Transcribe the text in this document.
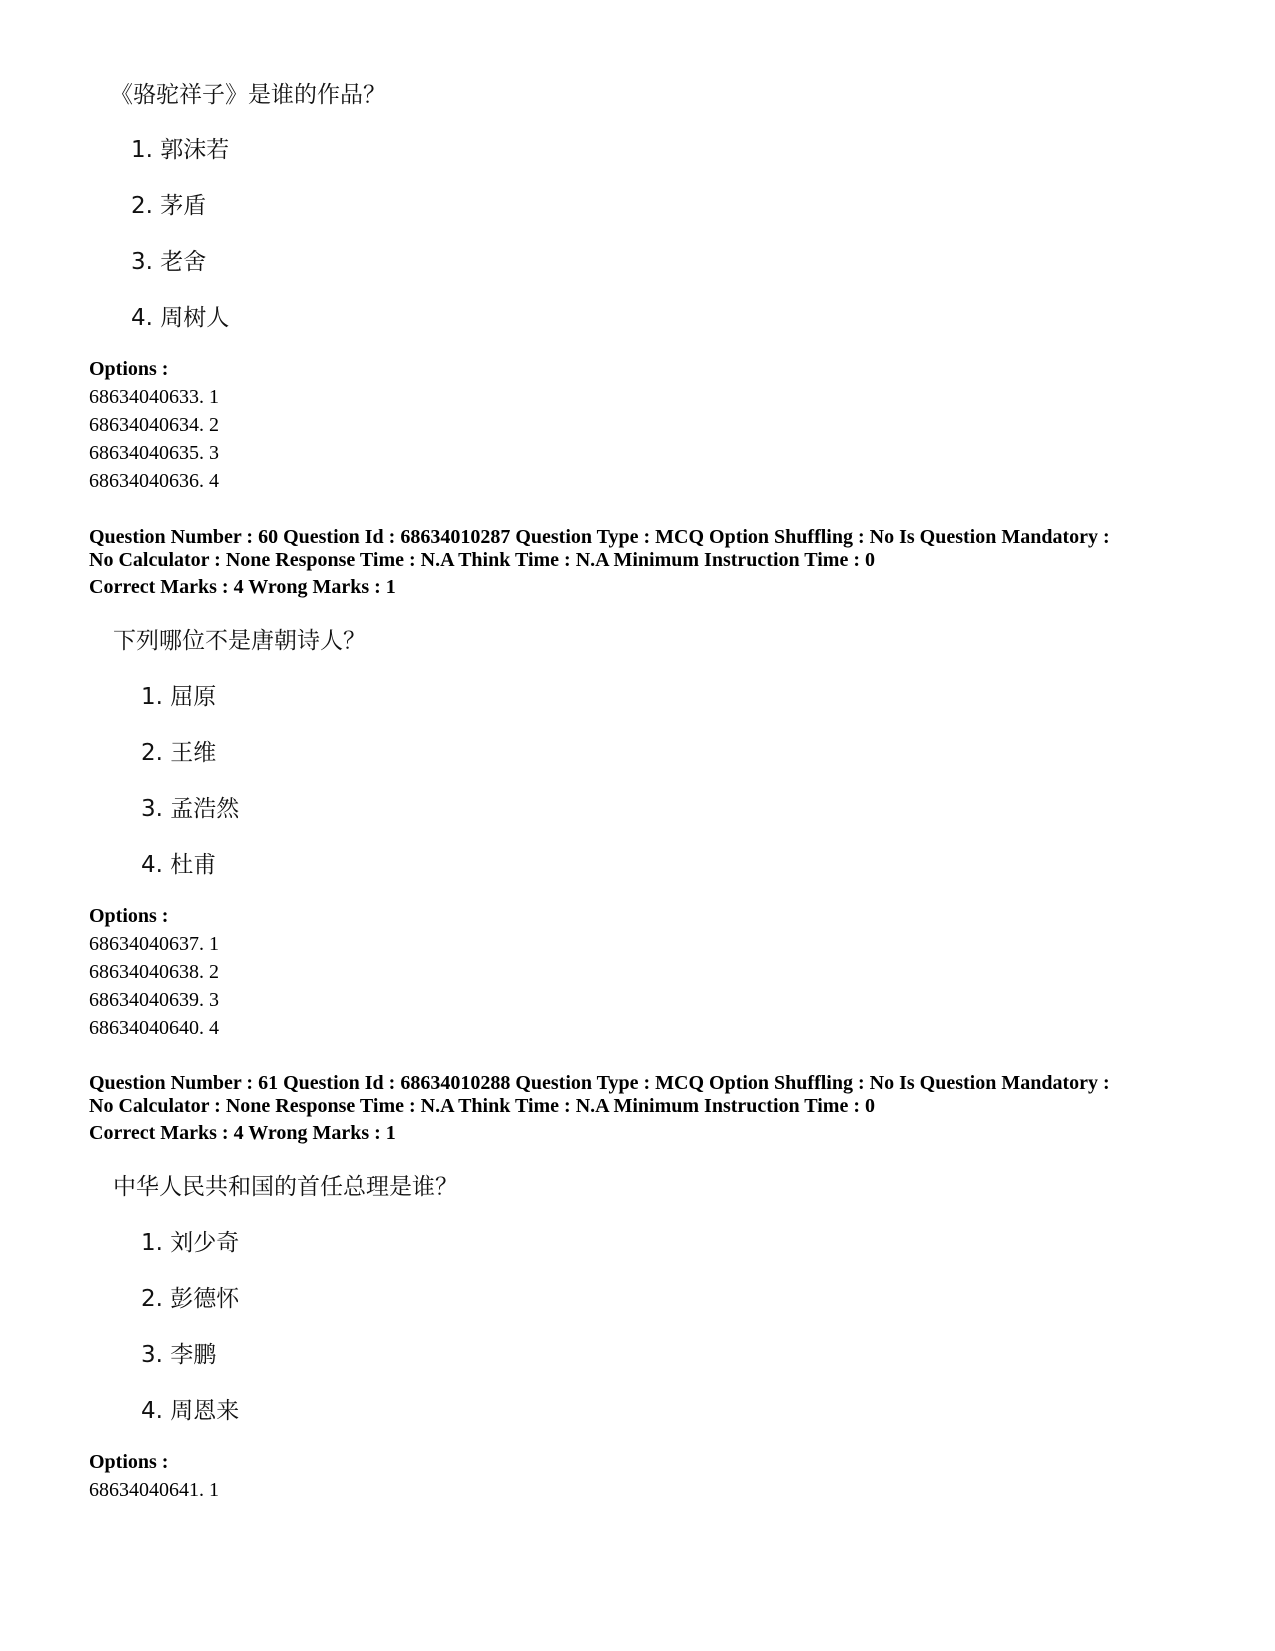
《骆驼祥子》是谁的作品？
1. 郭沫若
2. 茅盾
3. 老舍
4. 周树人
Options :
68634040633. 1
68634040634. 2
68634040635. 3
68634040636. 4
Question Number : 60 Question Id : 68634010287 Question Type : MCQ Option Shuffling : No Is Question Mandatory :
No Calculator : None Response Time : N.A Think Time : N.A Minimum Instruction Time : 0
Correct Marks : 4 Wrong Marks : 1
下列哪位不是唐朝诗人？
1. 屈原
2. 王维
3. 孟浩然
4. 杜甫
Options :
68634040637. 1
68634040638. 2
68634040639. 3
68634040640. 4
Question Number : 61 Question Id : 68634010288 Question Type : MCQ Option Shuffling : No Is Question Mandatory :
No Calculator : None Response Time : N.A Think Time : N.A Minimum Instruction Time : 0
Correct Marks : 4 Wrong Marks : 1
中华人民共和国的首任总理是谁？
1. 刘少奇
2. 彭德怀
3. 李鹏
4. 周恩来
Options :
68634040641. 1
